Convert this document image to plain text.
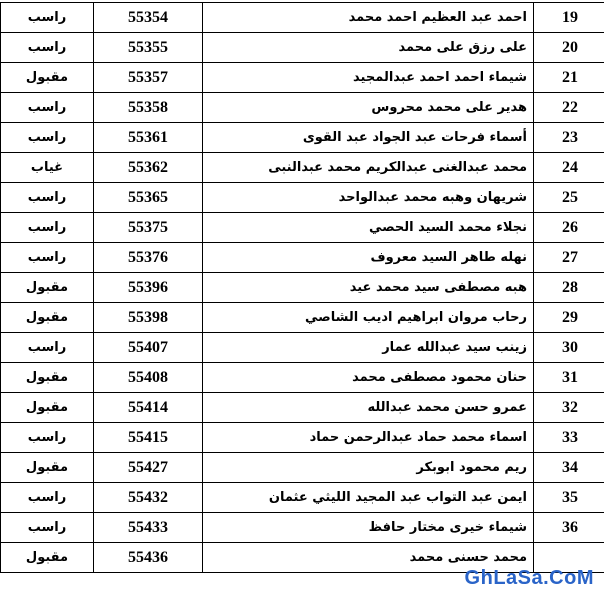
راسب	55354	احمد عبد العظيم احمد محمد	19
راسب	55355	على رزق على محمد	20
مقبول	55357	شيماء احمد احمد عبدالمجيد	21
راسب	55358	هدير على محمد محروس	22
راسب	55361	أسماء فرحات عبد الجواد عبد القوى	23
غياب	55362	محمد عبدالغنى عبدالكريم محمد عبدالنبى	24
راسب	55365	شريهان وهبه محمد عبدالواحد	25
راسب	55375	نجلاء محمد السيد الحصي	26
راسب	55376	نهله طاهر السيد معروف	27
مقبول	55396	هبه مصطفى سيد محمد عيد	28
مقبول	55398	رحاب مروان ابراهيم اديب الشاصي	29
راسب	55407	زينب سيد عبدالله عمار	30
مقبول	55408	حنان محمود مصطفى محمد	31
مقبول	55414	عمرو حسن محمد عبدالله	32
راسب	55415	اسماء محمد حماد عبدالرحمن حماد	33
مقبول	55427	ريم محمود ابوبكر	34
راسب	55432	ايمن عبد التواب عبد المجيد الليثي عثمان	35
راسب	55433	شيماء خيرى مختار حافظ	36
مقبول	55436	محمد حسنى محمد	
GhLaSa.CoM
